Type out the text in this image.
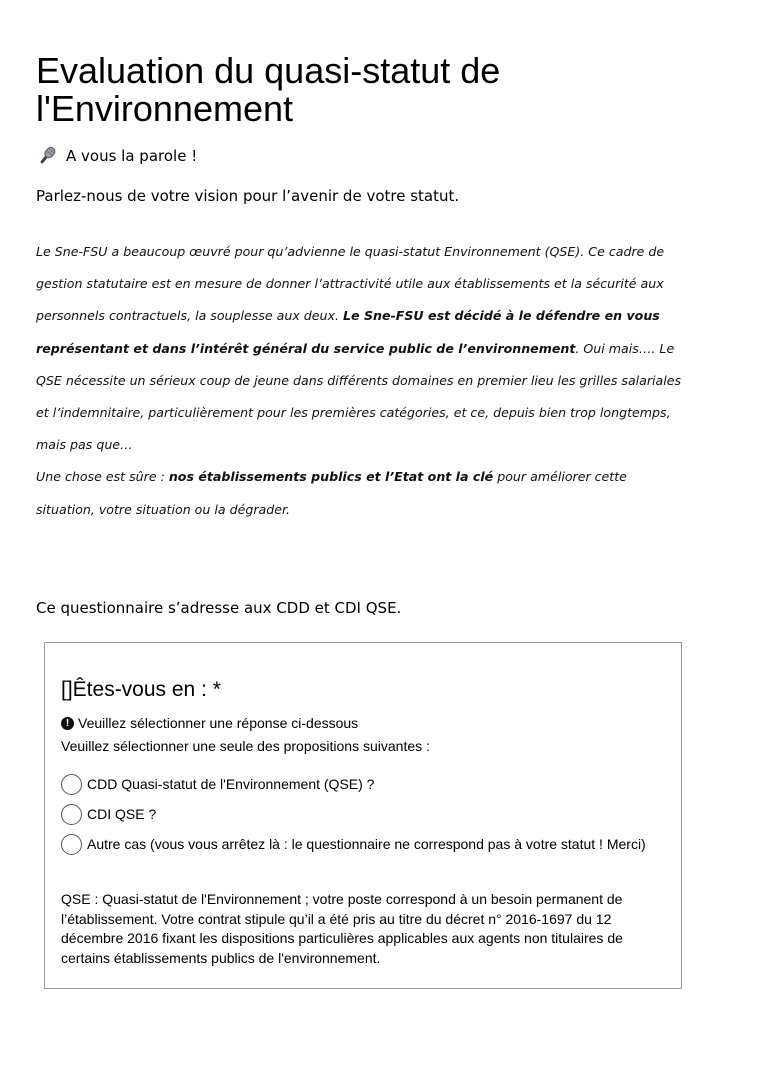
Evaluation du quasi-statut de l'Environnement
A vous la parole !
Parlez-nous de votre vision pour l’avenir de votre statut.

Le Sne-FSU a beaucoup œuvré pour qu’advienne le quasi-statut Environnement (QSE). Ce cadre de gestion statutaire est en mesure de donner l’attractivité utile aux établissements et la sécurité aux personnels contractuels, la souplesse aux deux. Le Sne-FSU est décidé à le défendre en vous représentant et dans l’intérêt général du service public de l’environnement. Oui mais…. Le QSE nécessite un sérieux coup de jeune dans différents domaines en premier lieu les grilles salariales et l’indemnitaire, particulièrement pour les premières catégories, et ce, depuis bien trop longtemps, mais pas que…

Une chose est sûre : nos établissements publics et l’Etat ont la clé pour améliorer cette situation, votre situation ou la dégrader.

Ce questionnaire s’adresse aux CDD et CDI QSE.
[]Êtes-vous en : *
! Veuillez sélectionner une réponse ci-dessous
Veuillez sélectionner une seule des propositions suivantes :
CDD Quasi-statut de l'Environnement (QSE) ?
CDI QSE ?
Autre cas (vous vous arrêtez là : le questionnaire ne correspond pas à votre statut ! Merci)
QSE : Quasi-statut de l'Environnement ; votre poste correspond à un besoin permanent de l’établissement. Votre contrat stipule qu’il a été pris au titre du décret n° 2016-1697 du 12 décembre 2016 fixant les dispositions particulières applicables aux agents non titulaires de certains établissements publics de l'environnement.
